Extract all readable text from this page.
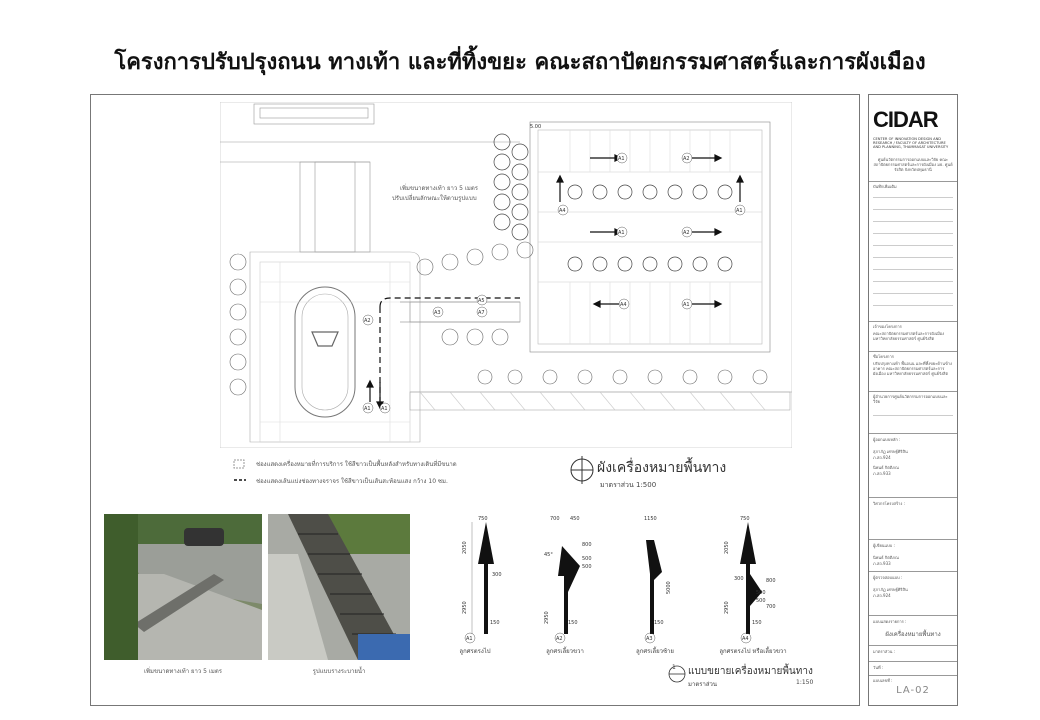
โครงการปรับปรุงถนน ทางเท้า และที่ทิ้งขยะ คณะสถาปัตยกรรมศาสตร์และการผังเมือง
A1	A2
A1	A2
A4	A1
A4	A1
A5
A7
A3
A2
A1 A1
5.00
เพิ่มขนาดทางเท้า ยาว 5 เมตร
ปรับเปลี่ยนลักษณะให้ตามรูปแบบ
ช่องแสดงเครื่องหมายที่การบริการ ใช้สีขาวเป็นพื้นหลังสำหรับทางเดินที่มีขนาด
ช่องแสดงเส้นแบ่งช่องทางจราจร ใช้สีขาวเป็นเส้นสะท้อนแสง กว้าง 10 ซม.
ผังเครื่องหมายพื้นทาง
มาตราส่วน 1:500
เพิ่มขนาดทางเท้า ยาว 5 เมตร	รูปแบบรางระบายน้ำ
750
2050
300
2950
150
A1
700 450
45°
800
500
500
2950	150
A2
1150
5000
150
A3
750
2050
300
2950
800
500
500
700
150
A4
ลูกศรตรงไป	ลูกศรเลี้ยวขวา	ลูกศรเลี้ยวซ้าย	ลูกศรตรงไป หรือเลี้ยวขวา
1 แบบขยายเครื่องหมายพื้นทาง
มาตราส่วน	1:150
CIDAR
CENTER OF INNOVATION DESIGN AND RESEARCH / FACULTY OF ARCHITECTURE AND PLANNING, THAMMASAT UNIVERSITY
ศูนย์นวัตกรรมการออกแบบและวิจัย คณะสถาปัตยกรรมศาสตร์และการผังเมือง มธ. ศูนย์รังสิต จังหวัดปทุมธานี
บันทึกเพิ่มเติม
เจ้าของโครงการ
คณะสถาปัตยกรรมศาสตร์และการผังเมือง มหาวิทยาลัยธรรมศาสตร์ ศูนย์รังสิต
ชื่อโครงการ
ปรับปรุงทางเท้า พื้นถนน และที่ทิ้งขยะด้านข้างอาคาร คณะสถาปัตยกรรมศาสตร์และการผังเมือง มหาวิทยาลัยธรรมศาสตร์ ศูนย์รังสิต
ผู้อำนวยการศูนย์นวัตกรรมการออกแบบและวิจัย
ผู้ออกแบบหลัก :
สุภาภัฏ เศรษฐ์ศิริสิน
ภ.สถ.924
นิพนธ์ กิตติภณ
ภ.สถ.933
วิศวกรโครงสร้าง :
ผู้เขียนแบบ :
นิพนธ์ กิตติภณ
ภ.สถ.933
ผู้ตรวจสอบแบบ :
สุภาภัฏ เศรษฐ์ศิริสิน
ภ.สถ.924
แบบแสดงรายการ :
ผังเครื่องหมายพื้นทาง
มาตราส่วน :
วันที่ :
แบบเลขที่ :
LA-02
